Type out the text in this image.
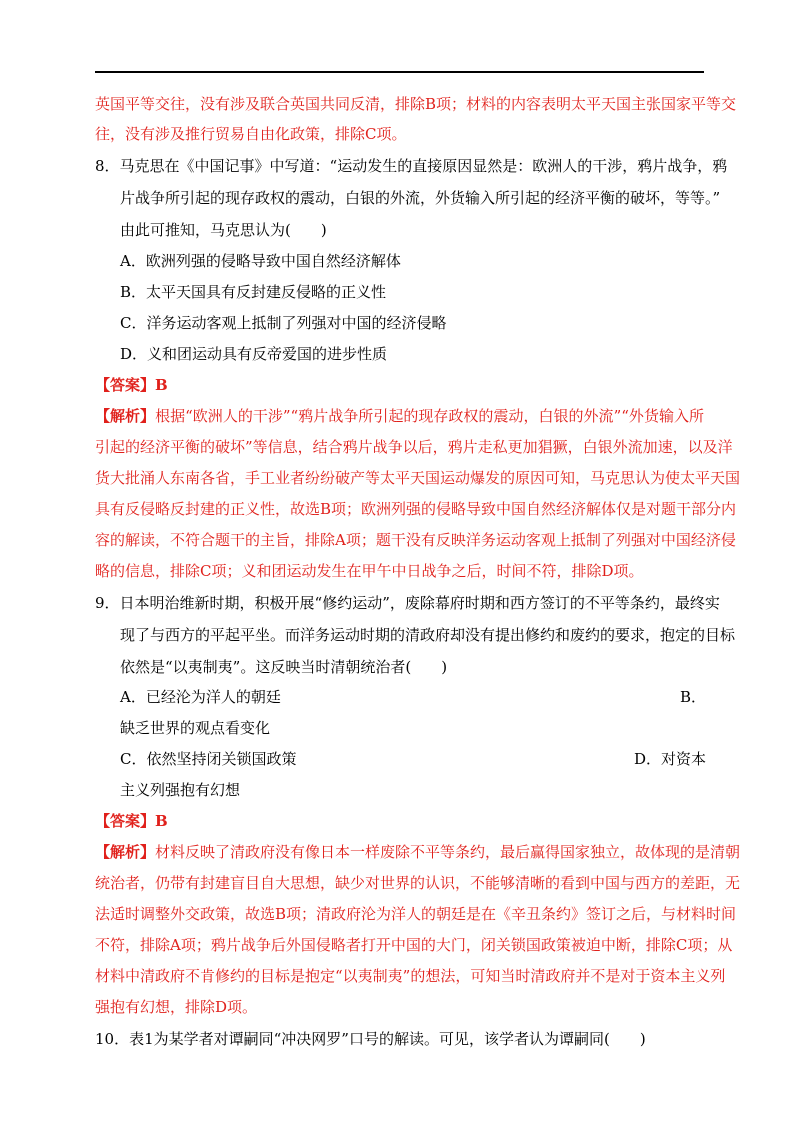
英国平等交往，没有涉及联合英国共同反清，排除B项；材料的内容表明太平天国主张国家平等交
往，没有涉及推行贸易自由化政策，排除C项。
8．马克思在《中国记事》中写道：“运动发生的直接原因显然是：欧洲人的干涉，鸦片战争，鸦
片战争所引起的现存政权的震动，白银的外流，外货输入所引起的经济平衡的破坏，等等。”
由此可推知，马克思认为(　　)
A．欧洲列强的侵略导致中国自然经济解体
B．太平天国具有反封建反侵略的正义性
C．洋务运动客观上抵制了列强对中国的经济侵略
D．义和团运动具有反帝爱国的进步性质
【答案】B
【解析】根据“欧洲人的干涉”“鸦片战争所引起的现存政权的震动，白银的外流”“外货输入所
引起的经济平衡的破坏”等信息，结合鸦片战争以后，鸦片走私更加猖獗，白银外流加速，以及洋
货大批涌人东南各省，手工业者纷纷破产等太平天国运动爆发的原因可知，马克思认为使太平天国
具有反侵略反封建的正义性，故选B项；欧洲列强的侵略导致中国自然经济解体仅是对题干部分内
容的解读，不符合题干的主旨，排除A项；题干没有反映洋务运动客观上抵制了列强对中国经济侵
略的信息，排除C项；义和团运动发生在甲午中日战争之后，时间不符，排除D项。
9．日本明治维新时期，积极开展“修约运动”，废除幕府时期和西方签订的不平等条约，最终实
现了与西方的平起平坐。而洋务运动时期的清政府却没有提出修约和废约的要求，抱定的目标
依然是“以夷制夷”。这反映当时清朝统治者(　　)
A．已经沦为洋人的朝廷	B．
缺乏世界的观点看变化
C．依然坚持闭关锁国政策	D．对资本
主义列强抱有幻想
【答案】B
【解析】材料反映了清政府没有像日本一样废除不平等条约，最后赢得国家独立，故体现的是清朝
统治者，仍带有封建盲目自大思想，缺少对世界的认识，不能够清晰的看到中国与西方的差距，无
法适时调整外交政策，故选B项；清政府沦为洋人的朝廷是在《辛丑条约》签订之后，与材料时间
不符，排除A项；鸦片战争后外国侵略者打开中国的大门，闭关锁国政策被迫中断，排除C项；从
材料中清政府不肯修约的目标是抱定“以夷制夷”的想法，可知当时清政府并不是对于资本主义列
强抱有幻想，排除D项。
10．表1为某学者对谭嗣同“冲决网罗”口号的解读。可见，该学者认为谭嗣同(　　)
